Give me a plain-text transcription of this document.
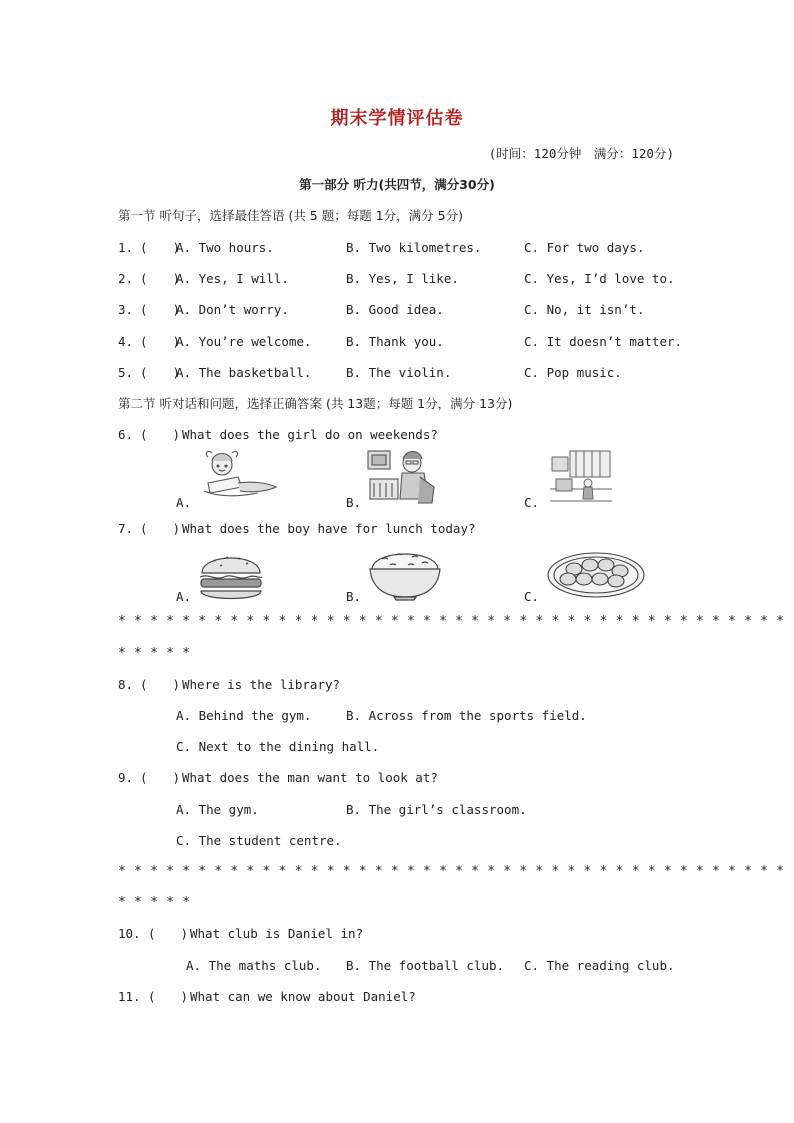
期末学情评估卷
(时间：120分钟　满分：120分)
第一部分 听力(共四节，满分30分)
第一节 听句子，选择最佳答语 (共 5 题；每题 1分，满分 5分)
1. (　　)
A. Two hours.	B. Two kilometres.	C. For two days.
2. (　　)
A. Yes, I will.	B. Yes, I like.	C. Yes, I’d love to.
3. (　　)
A. Don’t worry.	B. Good idea.	C. No, it isn’t.
4. (　　)
A. You’re welcome.	B. Thank you.	C. It doesn’t matter.
5. (　　)
A. The basketball.	B. The violin.	C. Pop music.
第二节 听对话和问题，选择正确答案 (共 13题；每题 1分，满分 13分)
6. (　　) What does the girl do on weekends?
A.	B.	C.
7. (　　) What does the boy have for lunch today?
A.	B.	C.
* * * * * * * * * * * * * * * * * * * * * * * * * * * * * * * * * * * * * * * * * *
* * * * *
8. (　　) Where is the library?
A. Behind the gym.	B. Across from the sports field.
C. Next to the dining hall.
9. (　　) What does the man want to look at?
A. The gym.	B. The girl’s classroom.
C. The student centre.
* * * * * * * * * * * * * * * * * * * * * * * * * * * * * * * * * * * * * * * * * *
* * * * *
10. (　　) What club is Daniel in?
A. The maths club. B. The football club. C. The reading club.
11. (　　) What can we know about Daniel?
